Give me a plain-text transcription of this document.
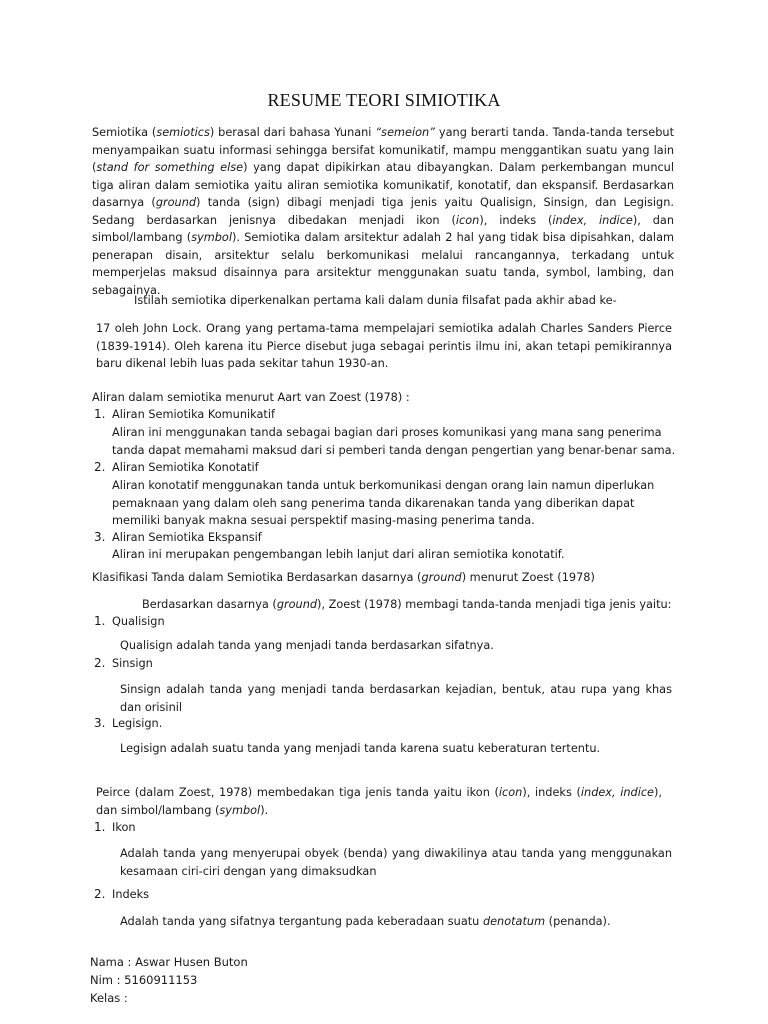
RESUME TEORI SIMIOTIKA
Semiotika (semiotics) berasal dari bahasa Yunani “semeion” yang berarti tanda. Tanda-tanda tersebut menyampaikan suatu informasi sehingga bersifat komunikatif, mampu menggantikan suatu yang lain (stand for something else) yang dapat dipikirkan atau dibayangkan. Dalam perkembangan muncul tiga aliran dalam semiotika yaitu aliran semiotika komunikatif, konotatif, dan ekspansif. Berdasarkan dasarnya (ground) tanda (sign) dibagi menjadi tiga jenis yaitu Qualisign, Sinsign, dan Legisign. Sedang berdasarkan jenisnya dibedakan menjadi ikon (icon), indeks (index, indice), dan simbol/lambang (symbol). Semiotika dalam arsitektur adalah 2 hal yang tidak bisa dipisahkan, dalam penerapan disain, arsitektur selalu berkomunikasi melalui rancangannya, terkadang untuk memperjelas maksud disainnya para arsitektur menggunakan suatu tanda, symbol, lambing, dan sebagainya.
Istilah semiotika diperkenalkan pertama kali dalam dunia filsafat pada akhir abad ke-
17 oleh John Lock. Orang yang pertama-tama mempelajari semiotika adalah Charles Sanders Pierce (1839-1914). Oleh karena itu Pierce disebut juga sebagai perintis ilmu ini, akan tetapi pemikirannya baru dikenal lebih luas pada sekitar tahun 1930-an.
Aliran dalam semiotika menurut Aart van Zoest (1978) :
1. Aliran Semiotika Komunikatif
Aliran ini menggunakan tanda sebagai bagian dari proses komunikasi yang mana sang penerima tanda dapat memahami maksud dari si pemberi tanda dengan pengertian yang benar-benar sama.
2. Aliran Semiotika Konotatif
Aliran konotatif menggunakan tanda untuk berkomunikasi dengan orang lain namun diperlukan pemaknaan yang dalam oleh sang penerima tanda dikarenakan tanda yang diberikan dapat memiliki banyak makna sesuai perspektif masing-masing penerima tanda.
3. Aliran Semiotika Ekspansif
Aliran ini merupakan pengembangan lebih lanjut dari aliran semiotika konotatif.
Klasifikasi Tanda dalam Semiotika Berdasarkan dasarnya (ground) menurut Zoest (1978)
Berdasarkan dasarnya (ground), Zoest (1978) membagi tanda-tanda menjadi tiga jenis yaitu:
1. Qualisign
Qualisign adalah tanda yang menjadi tanda berdasarkan sifatnya.
2. Sinsign
Sinsign adalah tanda yang menjadi tanda berdasarkan kejadian, bentuk, atau rupa yang khas dan orisinil
3. Legisign.
Legisign adalah suatu tanda yang menjadi tanda karena suatu keberaturan tertentu.
Peirce (dalam Zoest, 1978) membedakan tiga jenis tanda yaitu ikon (icon), indeks (index, indice), dan simbol/lambang (symbol).
1. Ikon
Adalah tanda yang menyerupai obyek (benda) yang diwakilinya atau tanda yang menggunakan kesamaan ciri-ciri dengan yang dimaksudkan
2. Indeks
Adalah tanda yang sifatnya tergantung pada keberadaan suatu denotatum (penanda).
Nama : Aswar Husen Buton
Nim : 5160911153
Kelas :
